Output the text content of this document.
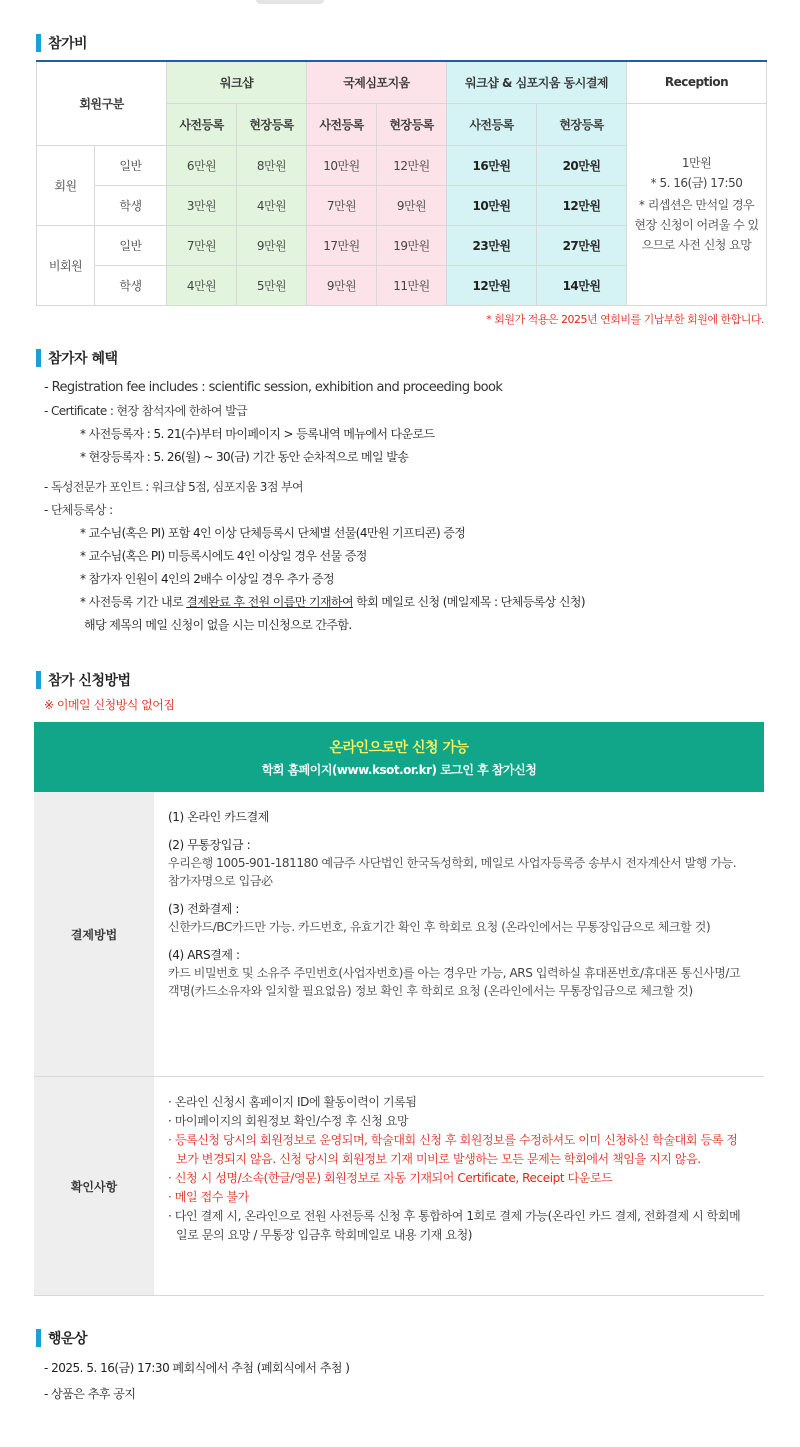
참가비
회원구분		워크샵		국제심포지움		워크샵 & 심포지움 동시결제		Reception
		사전등록	현장등록	사전등록	현장등록	사전등록	현장등록	1만원
* 5. 16(금) 17:50
* 리셉션은 만석일 경우 현장 신청이 어려울 수 있으므로 사전 신청 요망

회원	일반	6만원	8만원	10만원	12만원	16만원	20만원	
	학생	3만원	4만원	7만원	9만원	10만원	12만원	
비회원	일반	7만원	9만원	17만원	19만원	23만원	27만원	
	학생	4만원	5만원	9만원	11만원	12만원	14만원	
* 회원가 적용은 2025년 연회비를 기납부한 회원에 한합니다.
참가자 혜택
- Registration fee includes : scientific session, exhibition and proceeding book
- Certificate : 현장 참석자에 한하여 발급
* 사전등록자 : 5. 21(수)부터 마이페이지 > 등록내역 메뉴에서 다운로드
* 현장등록자 : 5. 26(월) ~ 30(금) 기간 동안 순차적으로 메일 발송
- 독성전문가 포인트 : 워크샵 5점, 심포지움 3점 부여
- 단체등록상 :
* 교수님(혹은 PI) 포함 4인 이상 단체등록시 단체별 선물(4만원 기프티콘) 증정
* 교수님(혹은 PI) 미등록시에도 4인 이상일 경우 선물 증정
* 참가자 인원이 4인의 2배수 이상일 경우 추가 증정
* 사전등록 기간 내로 결제완료 후 전원 이름만 기재하여 학회 메일로 신청 (메일제목 : 단체등록상 신청)
해당 제목의 메일 신청이 없을 시는 미신청으로 간주함.
참가 신청방법
※ 이메일 신청방식 없어짐
온라인으로만 신청 가능
학회 홈페이지(www.ksot.or.kr) 로그인 후 참가신청
결제방법
(1) 온라인 카드결제
(2) 무통장입금 :
우리은행 1005-901-181180 예금주 사단법인 한국독성학회, 메일로 사업자등록증 송부시 전자계산서 발행 가능. 참가자명으로 입금必
(3) 전화결제 :
신한카드/BC카드만 가능. 카드번호, 유효기간 확인 후 학회로 요청 (온라인에서는 무통장입금으로 체크할 것)
(4) ARS결제 :
카드 비밀번호 및 소유주 주민번호(사업자번호)를 아는 경우만 가능, ARS 입력하실 휴대폰번호/휴대폰 통신사명/고객명(카드소유자와 일치할 필요없음) 정보 확인 후 학회로 요청 (온라인에서는 무통장입금으로 체크할 것)
확인사항
· 온라인 신청시 홈페이지 ID에 활동이력이 기록됨
· 마이페이지의 회원정보 확인/수정 후 신청 요망
· 등록신청 당시의 회원정보로 운영되며, 학술대회 신청 후 회원정보를 수정하셔도 이미 신청하신 학술대회 등록 정보가 변경되지 않음. 신청 당시의 회원정보 기재 미비로 발생하는 모든 문제는 학회에서 책임을 지지 않음.
· 신청 시 성명/소속(한글/영문) 회원정보로 자동 기재되어 Certificate, Receipt 다운로드
· 메일 접수 불가
· 다인 결제 시, 온라인으로 전원 사전등록 신청 후 통합하여 1회로 결제 가능(온라인 카드 결제, 전화결제 시 학회메일로 문의 요망 / 무통장 입금후 학회메일로 내용 기재 요청)
행운상
- 2025. 5. 16(금) 17:30 폐회식에서 추첨 (폐회식에서 추첨 )
- 상품은 추후 공지
